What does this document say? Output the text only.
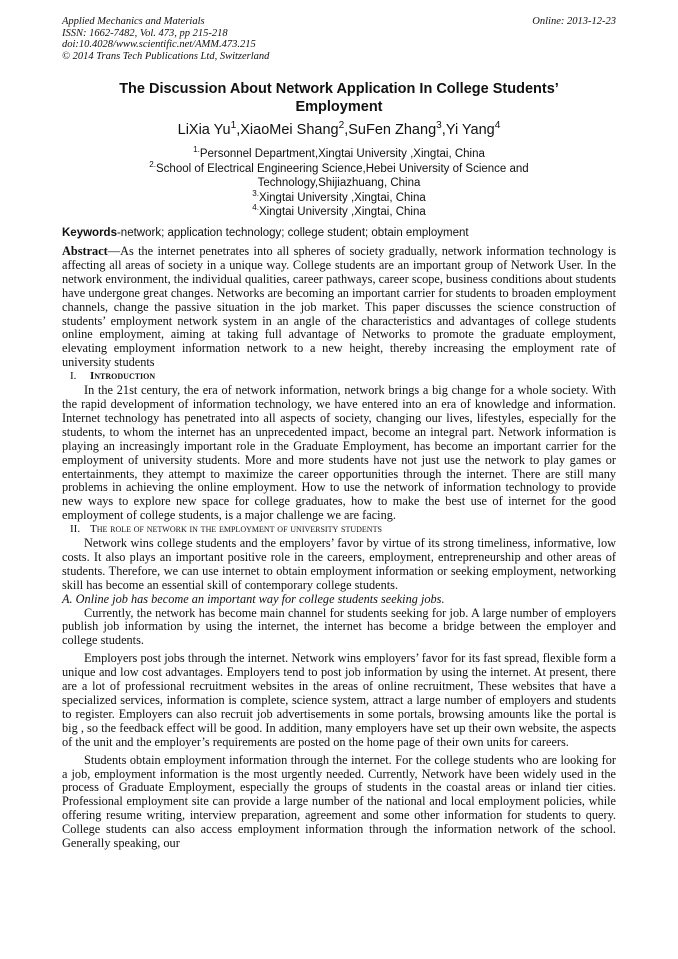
Applied Mechanics and Materials
ISSN: 1662-7482, Vol. 473, pp 215-218
doi:10.4028/www.scientific.net/AMM.473.215
© 2014 Trans Tech Publications Ltd, Switzerland
Online: 2013-12-23
The Discussion About Network Application In College Students’
Employment
LiXia Yu$^1$,XiaoMei Shang$^2$,SuFen Zhang$^3$,Yi Yang$^4$
$^{1.}$Personnel Department,Xingtai University ,Xingtai, China
$^{2.}$School of Electrical Engineering Science,Hebei University of Science and
Technology,Shijiazhuang, China
$^{3.}$Xingtai University ,Xingtai, China
$^{4.}$Xingtai University ,Xingtai, China
Keywords-network; application technology; college student; obtain employment

Abstract—As the internet penetrates into all spheres of society gradually, network information technology is affecting all areas of society in a unique way. College students are an important group of Network User. In the network environment, the individual qualities, career pathways, career scope, business conditions about students have undergone great changes. Networks are becoming an important carrier for students to broaden employment channels, change the passive situation in the job market. This paper discusses the science construction of students’ employment network system in an angle of the characteristics and advantages of college students online employment, aiming at taking full advantage of Networks to promote the graduate employment, elevating employment information network to a new height, thereby increasing the employment rate of university students

I. Introduction

In the 21st century, the era of network information, network brings a big change for a whole society. With the rapid development of information technology, we have entered into an era of knowledge and information. Internet technology has penetrated into all aspects of society, changing our lives, lifestyles, especially for the students, to whom the internet has an unprecedented impact, become an integral part. Network information is playing an increasingly important role in the Graduate Employment, has become an important carrier for the employment of university students. More and more students have not just use the network to play games or entertainments, they attempt to maximize the career opportunities through the internet. There are still many problems in achieving the online employment. How to use the network of information technology to provide new ways to explore new space for college graduates, how to make the best use of internet for the good employment of college students, is a major challenge we are facing.

II. The role of network in the employment of university students

Network wins college students and the employers’ favor by virtue of its strong timeliness, informative, low costs. It also plays an important positive role in the careers, employment, entrepreneurship and other areas of students. Therefore, we can use internet to obtain employment information or seeking employment, networking skill has become an essential skill of contemporary college students.

A. Online job has become an important way for college students seeking jobs.

Currently, the network has become main channel for students seeking for job. A large number of employers publish job information by using the internet, the internet has become a bridge between the employer and college students.

Employers post jobs through the internet. Network wins employers’ favor for its fast spread, flexible form a unique and low cost advantages. Employers tend to post job information by using the internet. At present, there are a lot of professional recruitment websites in the areas of online recruitment, These websites that have a specialized services, information is complete, science system, attract a large number of employers and students to register. Employers can also recruit job advertisements in some portals, browsing amounts like the portal is big , so the feedback effect will be good. In addition, many employers have set up their own website, the aspects of the unit and the employer’s requirements are posted on the home page of their own units for careers.

Students obtain employment information through the internet. For the college students who are looking for a job, employment information is the most urgently needed. Currently, Network have been widely used in the process of Graduate Employment, especially the groups of students in the coastal areas or inland tier cities. Professional employment site can provide a large number of the national and local employment policies, while offering resume writing, interview preparation, agreement and some other information for students to query. College students can also access employment information through the information network of the school. Generally speaking, our
